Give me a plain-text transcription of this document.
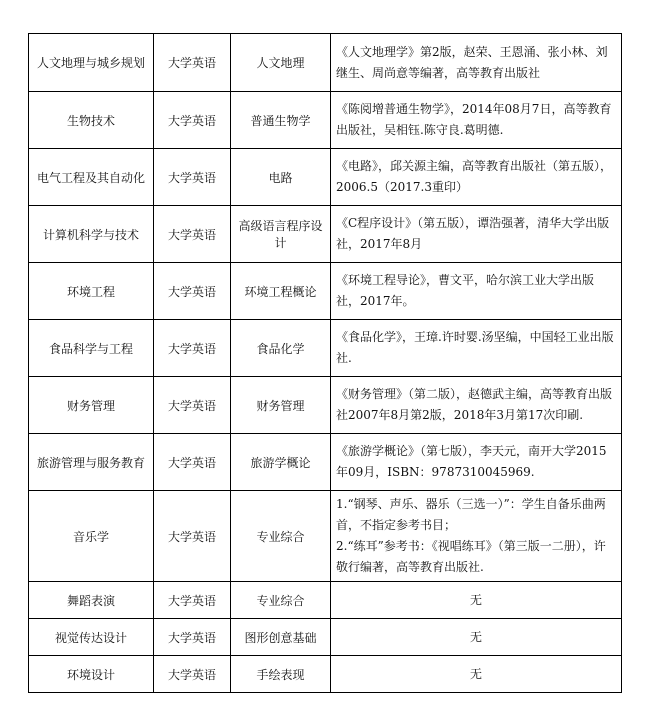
人文地理与城乡规划	大学英语	人文地理	《人文地理学》第2版，赵荣、王恩涌、张小林、刘继生、周尚意等编著，高等教育出版社

生物技术	大学英语	普通生物学	《陈阅增普通生物学》，2014年08月7日，高等教育出版社，吴相钰.陈守良.葛明德.

电气工程及其自动化	大学英语	电路	《电路》，邱关源主编，高等教育出版社（第五版），2006.5（2017.3重印）

计算机科学与技术	大学英语	高级语言程序设计	《C程序设计》（第五版），谭浩强著，清华大学出版社，2017年8月

环境工程	大学英语	环境工程概论	《环境工程导论》，曹文平，哈尔滨工业大学出版社，2017年。

食品科学与工程	大学英语	食品化学	《食品化学》，王璋.许时婴.汤坚编，中国轻工业出版社.

财务管理	大学英语	财务管理	《财务管理》（第二版），赵德武主编，高等教育出版社2007年8月第2版，2018年3月第17次印刷.

旅游管理与服务教育	大学英语	旅游学概论	《旅游学概论》（第七版），李天元，南开大学2015年09月，ISBN：9787310045969.

音乐学	大学英语	专业综合	1.“钢琴、声乐、器乐（三选一）”：学生自备乐曲两首，不指定参考书目；

2.“练耳”参考书：《视唱练耳》（第三版一二册），许敬行编著，高等教育出版社.

舞蹈表演	大学英语	专业综合	无

视觉传达设计	大学英语	图形创意基础	无

环境设计	大学英语	手绘表现	无
